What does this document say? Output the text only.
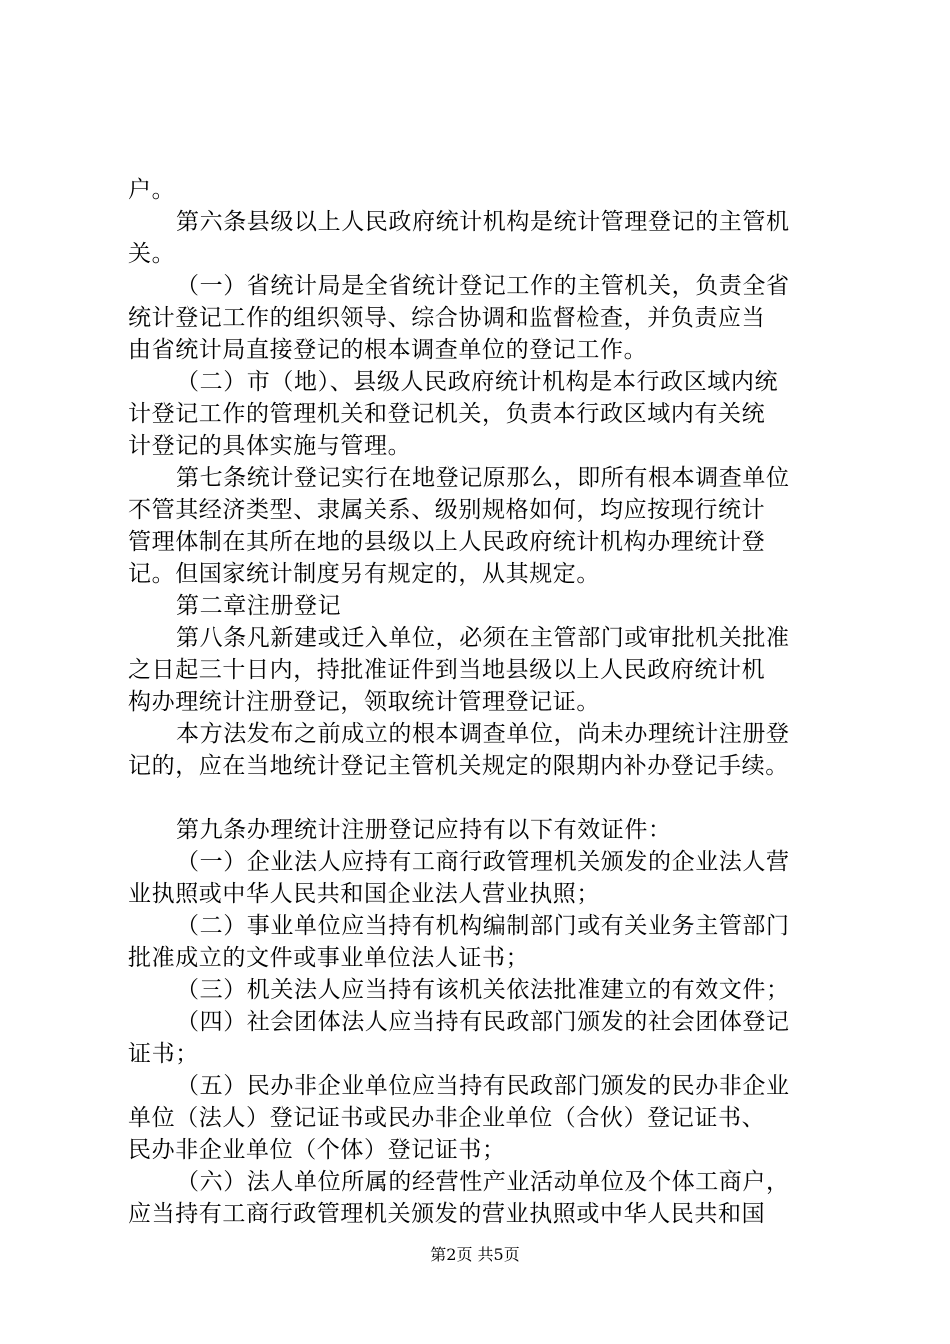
户。
第六条县级以上人民政府统计机构是统计管理登记的主管机
关。
（一）省统计局是全省统计登记工作的主管机关，负责全省
统计登记工作的组织领导、综合协调和监督检查，并负责应当
由省统计局直接登记的根本调查单位的登记工作。
（二）市（地）、县级人民政府统计机构是本行政区域内统
计登记工作的管理机关和登记机关，负责本行政区域内有关统
计登记的具体实施与管理。
第七条统计登记实行在地登记原那么，即所有根本调查单位
不管其经济类型、隶属关系、级别规格如何，均应按现行统计
管理体制在其所在地的县级以上人民政府统计机构办理统计登
记。但国家统计制度另有规定的，从其规定。
第二章注册登记
第八条凡新建或迁入单位，必须在主管部门或审批机关批准
之日起三十日内，持批准证件到当地县级以上人民政府统计机
构办理统计注册登记，领取统计管理登记证。
本方法发布之前成立的根本调查单位，尚未办理统计注册登
记的，应在当地统计登记主管机关规定的限期内补办登记手续。
第九条办理统计注册登记应持有以下有效证件：
（一）企业法人应持有工商行政管理机关颁发的企业法人营
业执照或中华人民共和国企业法人营业执照；
（二）事业单位应当持有机构编制部门或有关业务主管部门
批准成立的文件或事业单位法人证书；
（三）机关法人应当持有该机关依法批准建立的有效文件；
（四）社会团体法人应当持有民政部门颁发的社会团体登记
证书；
（五）民办非企业单位应当持有民政部门颁发的民办非企业
单位（法人）登记证书或民办非企业单位（合伙）登记证书、
民办非企业单位（个体）登记证书；
（六）法人单位所属的经营性产业活动单位及个体工商户，
应当持有工商行政管理机关颁发的营业执照或中华人民共和国
第2页 共5页
